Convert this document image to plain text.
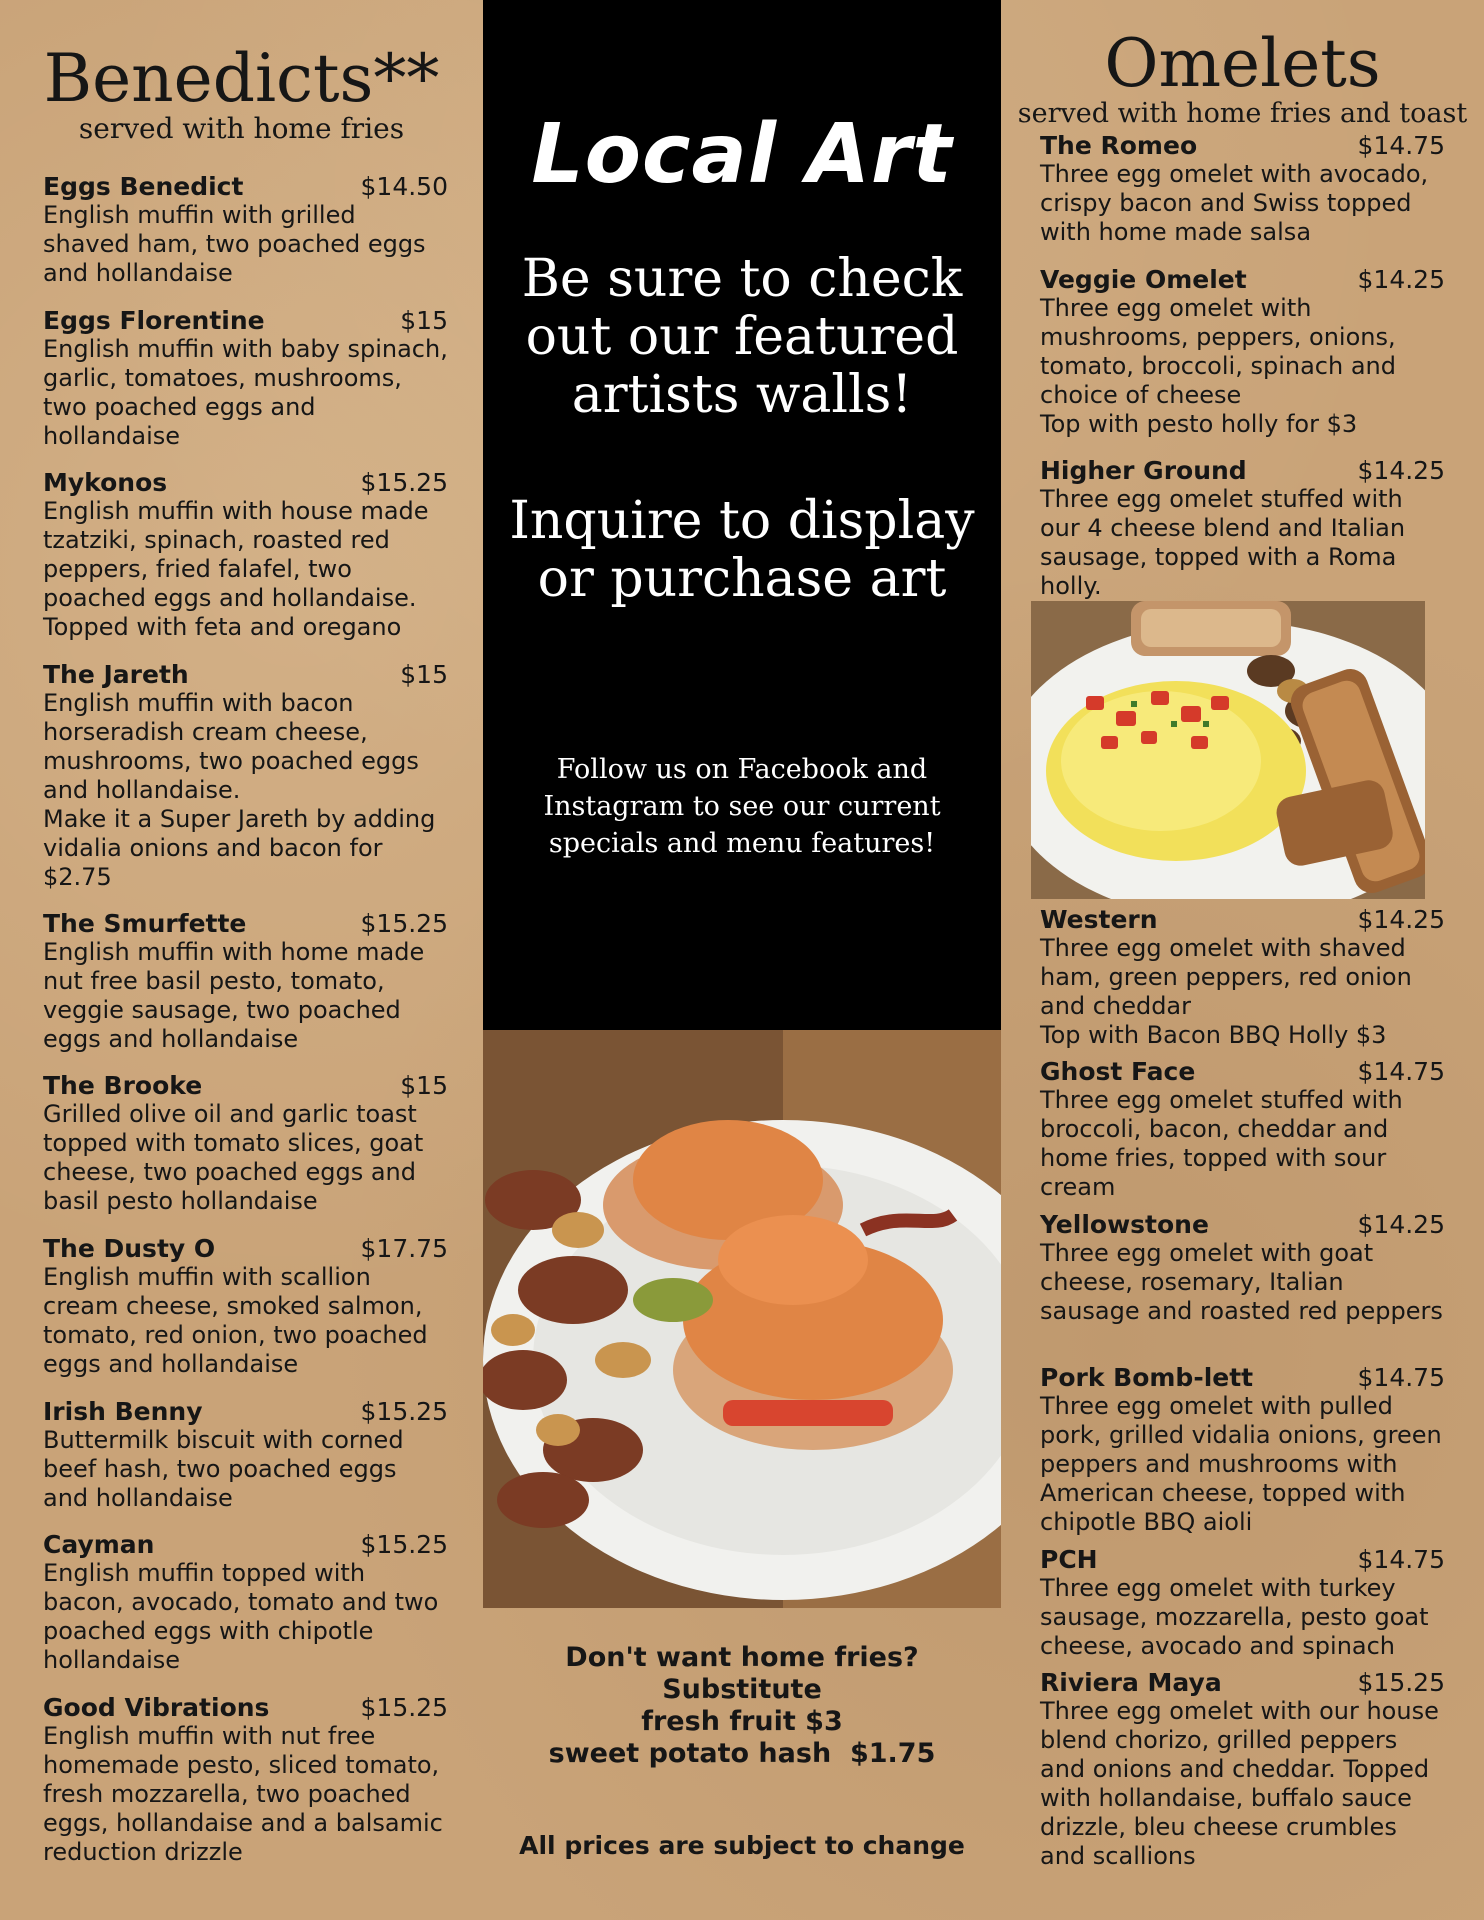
Benedicts**
served with home fries
Eggs Benedict	$14.50
English muffin with grilled shaved ham, two poached eggs and hollandaise
Eggs Florentine	$15
English muffin with baby spinach, garlic, tomatoes, mushrooms, two poached eggs and hollandaise
Mykonos	$15.25
English muffin with house made tzatziki, spinach, roasted red peppers, fried falafel, two poached eggs and hollandaise. Topped with feta and oregano
The Jareth	$15
English muffin with bacon horseradish cream cheese, mushrooms, two poached eggs and hollandaise.
Make it a Super Jareth by adding vidalia onions and bacon for $2.75
The Smurfette	$15.25
English muffin with home made nut free basil pesto, tomato, veggie sausage, two poached eggs and hollandaise
The Brooke	$15
Grilled olive oil and garlic toast topped with tomato slices, goat cheese, two poached eggs and basil pesto hollandaise
The Dusty O	$17.75
English muffin with scallion cream cheese, smoked salmon, tomato, red onion, two poached eggs and hollandaise
Irish Benny	$15.25
Buttermilk biscuit with corned beef hash, two poached eggs and hollandaise
Cayman	$15.25
English muffin topped with bacon, avocado, tomato and two poached eggs with chipotle hollandaise
Good Vibrations	$15.25
English muffin with nut free homemade pesto, sliced tomato, fresh mozzarella, two poached eggs, hollandaise and a balsamic reduction drizzle
Local Art
Be sure to check out our featured artists walls!
Inquire to display or purchase art
Follow us on Facebook and Instagram to see our current specials and menu features!
Don't want home fries?
Substitute
fresh fruit $3
sweet potato hash  $1.75
All prices are subject to change
Omelets
served with home fries and toast
The Romeo	$14.75
Three egg omelet with avocado, crispy bacon and Swiss topped with home made salsa
Veggie Omelet	$14.25
Three egg omelet with mushrooms, peppers, onions, tomato, broccoli, spinach and choice of cheese
Top with pesto holly for $3
Higher Ground	$14.25
Three egg omelet stuffed with our 4 cheese blend and Italian sausage, topped with a Roma holly.
Western	$14.25
Three egg omelet with shaved ham, green peppers, red onion and cheddar
Top with Bacon BBQ Holly $3
Ghost Face	$14.75
Three egg omelet stuffed with broccoli, bacon, cheddar and home fries, topped with sour cream
Yellowstone	$14.25
Three egg omelet with goat cheese, rosemary, Italian sausage and roasted red peppers
Pork Bomb-lett	$14.75
Three egg omelet with pulled pork, grilled vidalia onions, green peppers and mushrooms with American cheese, topped with chipotle BBQ aioli
PCH	$14.75
Three egg omelet with turkey sausage, mozzarella, pesto goat cheese, avocado and spinach
Riviera Maya	$15.25
Three egg omelet with our house blend chorizo, grilled peppers and onions and cheddar. Topped with hollandaise, buffalo sauce drizzle, bleu cheese crumbles and scallions
